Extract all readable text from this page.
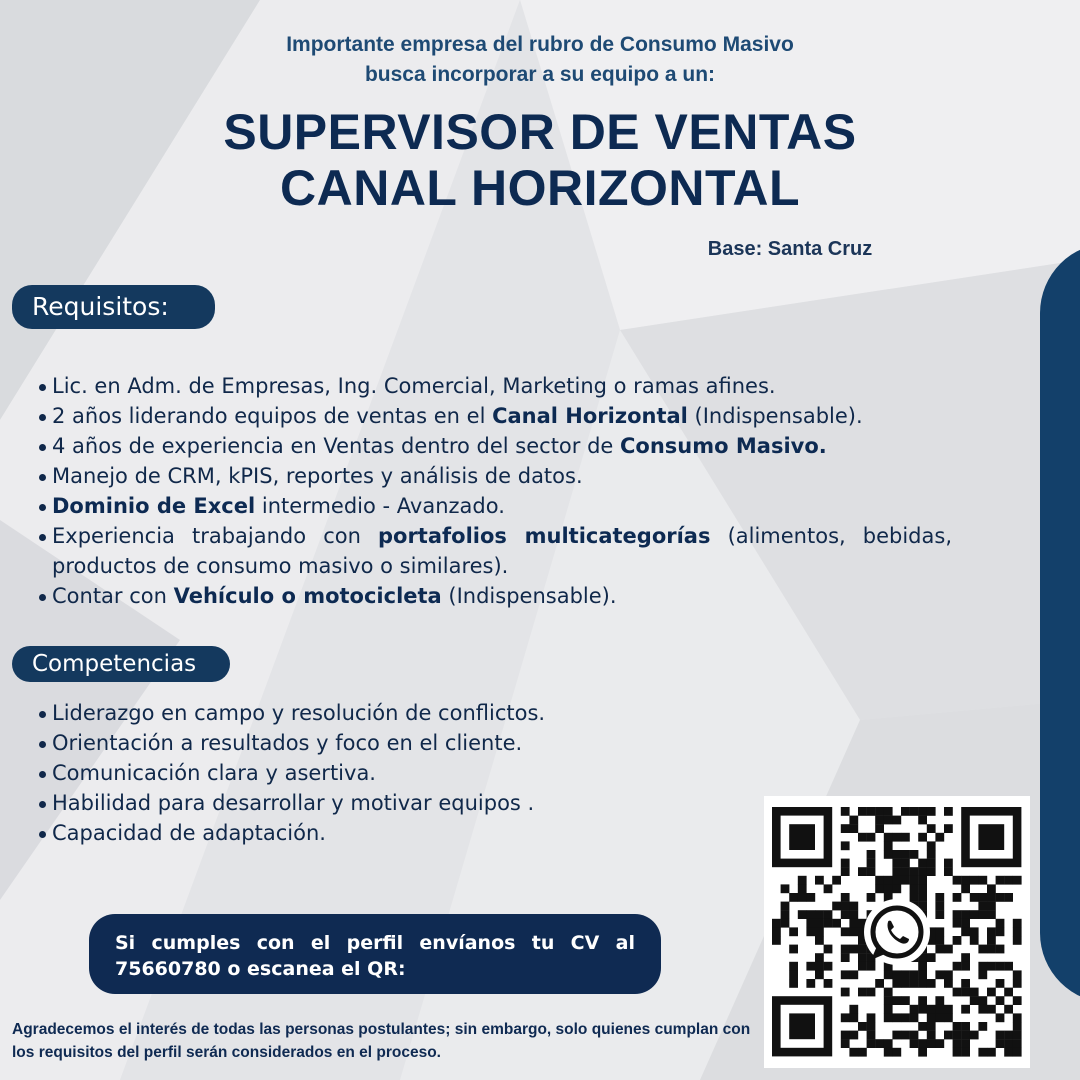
Importante empresa del rubro de Consumo Masivo
busca incorporar a su equipo a un:
SUPERVISOR DE VENTAS
CANAL HORIZONTAL
Base: Santa Cruz
Requisitos:
Lic. en Adm. de Empresas, Ing. Comercial, Marketing o ramas afines.
2 años liderando equipos de ventas en el Canal Horizontal (Indispensable).
4 años de experiencia en Ventas dentro del sector de Consumo Masivo.
Manejo de CRM, kPIS, reportes y análisis de datos.
Dominio de Excel intermedio - Avanzado.
Experiencia trabajando con portafolios multicategorías (alimentos, bebidas, productos de consumo masivo o similares).
Contar con Vehículo o motocicleta (Indispensable).
Competencias
Liderazgo en campo y resolución de conflictos.
Orientación a resultados y foco en el cliente.
Comunicación clara y asertiva.
Habilidad para desarrollar y motivar equipos .
Capacidad de adaptación.
Si cumples con el perfil envíanos tu CV al 75660780 o escanea el QR:
Agradecemos el interés de todas las personas postulantes; sin embargo, solo quienes cumplan con los requisitos del perfil serán considerados en el proceso.
